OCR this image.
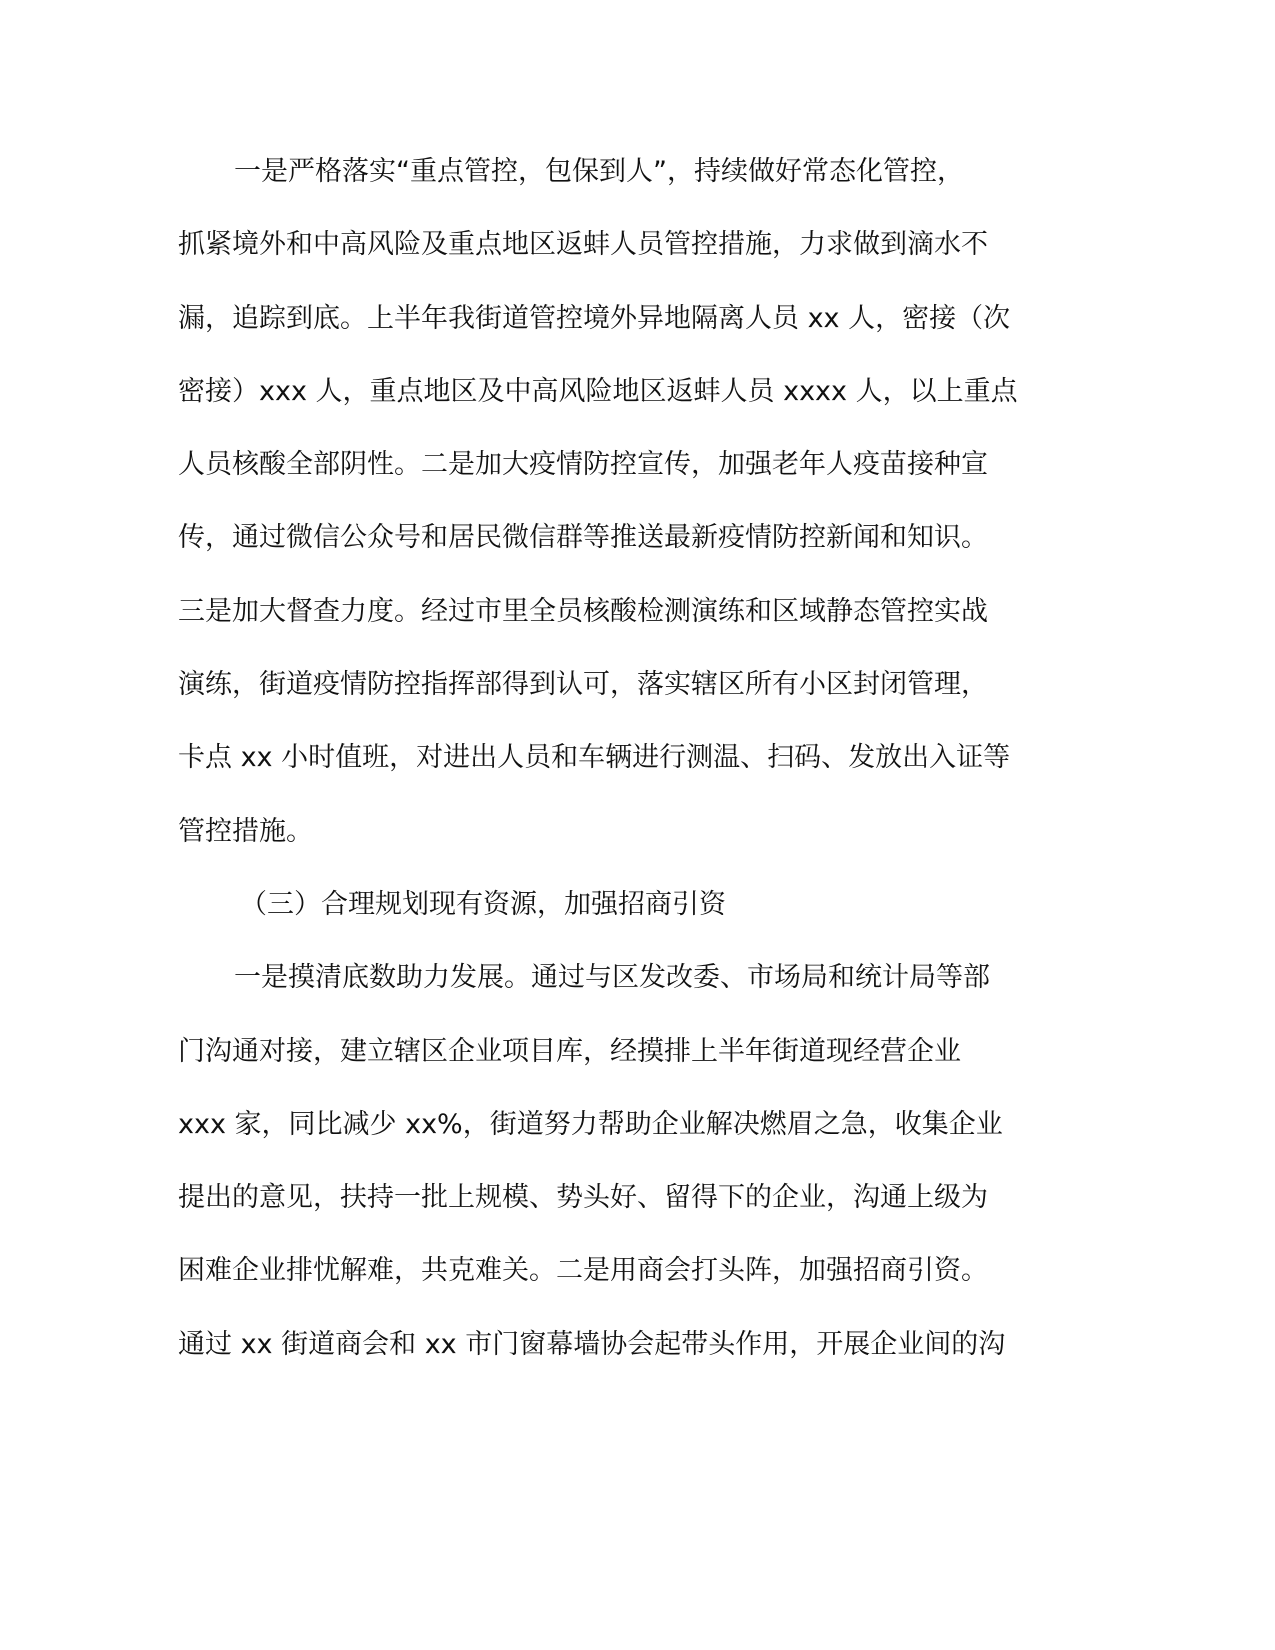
一是严格落实“重点管控，包保到人”，持续做好常态化管控，
抓紧境外和中高风险及重点地区返蚌人员管控措施，力求做到滴水不
漏，追踪到底。上半年我街道管控境外异地隔离人员 xx 人，密接（次
密接）xxx 人，重点地区及中高风险地区返蚌人员 xxxx 人，以上重点
人员核酸全部阴性。二是加大疫情防控宣传，加强老年人疫苗接种宣
传，通过微信公众号和居民微信群等推送最新疫情防控新闻和知识。
三是加大督查力度。经过市里全员核酸检测演练和区域静态管控实战
演练，街道疫情防控指挥部得到认可，落实辖区所有小区封闭管理，
卡点 xx 小时值班，对进出人员和车辆进行测温、扫码、发放出入证等
管控措施。
（三）合理规划现有资源，加强招商引资
一是摸清底数助力发展。通过与区发改委、市场局和统计局等部
门沟通对接，建立辖区企业项目库，经摸排上半年街道现经营企业
xxx 家，同比减少 xx%，街道努力帮助企业解决燃眉之急，收集企业
提出的意见，扶持一批上规模、势头好、留得下的企业，沟通上级为
困难企业排忧解难，共克难关。二是用商会打头阵，加强招商引资。
通过 xx 街道商会和 xx 市门窗幕墙协会起带头作用，开展企业间的沟
